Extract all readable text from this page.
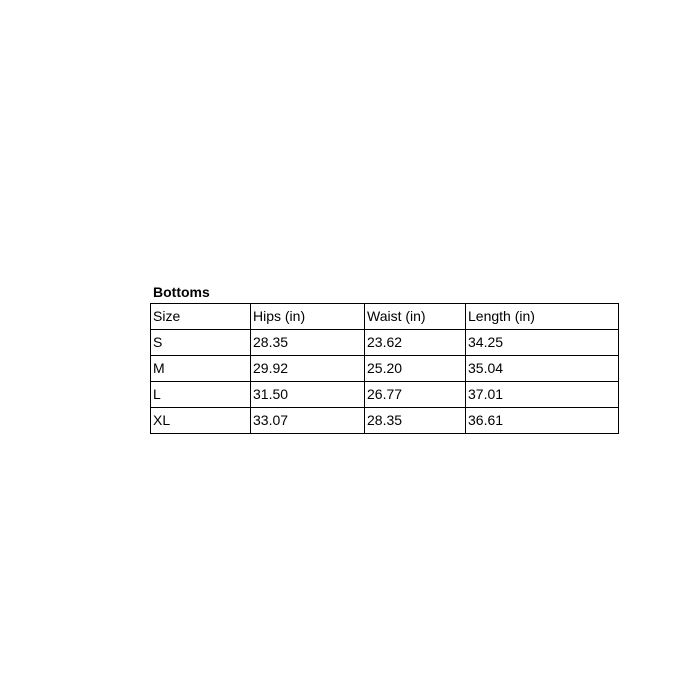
Bottoms
Size	Hips (in)	Waist (in)	Length (in)
S	28.35	23.62	34.25
M	29.92	25.20	35.04
L	31.50	26.77	37.01
XL	33.07	28.35	36.61
